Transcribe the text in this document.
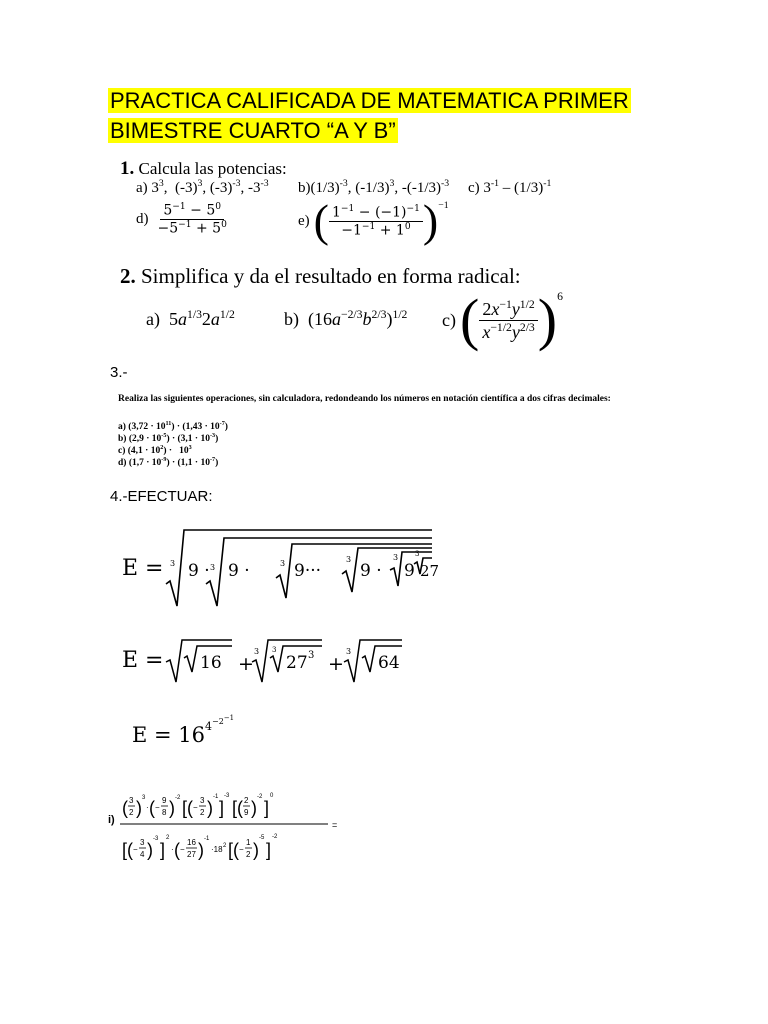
PRACTICA CALIFICADA DE MATEMATICA PRIMER
BIMESTRE CUARTO “A Y B”
1. Calcula las potencias:
a) $3^3$,  $(-3)^3$, $(-3)^{-3}$, $-3^{-3}$ $b)(1/3)^{-3}$, $(-1/3)^3$, $-(-1/3)^{-3}$ c) $3^{-1} - (1/3)^{-1}$
$d) \frac{5^{-1} - 5^0}{-5^{-1} + 5^0}$	e) ( $\frac{1^{-1} - (-1)^{-1}}{-1^{-1} + 1^0} )^{-1}$
2. Simplifica y da el resultado en forma radical:
a)  $5a^{1/3}2a^{1/2}$	b)  $(16a^{-2/3}b^{2/3})^{1/2}$ c) ( $\frac{2x^{-1}y^{1/2}}{x^{-1/2}y^{2/3}} )^6$
3.-
Realiza las siguientes operaciones, sin calculadora, redondeando los números en notación científica a dos cifras decimales:
a) $(3,72 \cdot 10^{11}) \cdot (1,43 \cdot 10^{-7})$
b) $(2,9 \cdot 10^{-5}) \cdot (3,1 \cdot 10^{-3})$
c) $(4,1 \cdot 10^2) \cdot 10^3$
d) $(1,7 \cdot 10^{-9}) \cdot (1,1 \cdot 10^{-7})$
4.-EFECTUAR:
E = 3 9 · 3 9 ·	3 9···
3
9 ·
3
9
3
27
E = 16 +
3 3
27 3 +
3
64
$E = 16^{4^{-2^{-1}}}$
i)
( 3
2 ) 3
· ( −
9
8 ) -2 [ ( −
3
2 )
-1
]
-3
[ ( 2
9 )
-2
]
0
=
[ ( −
3
4 )
-3
]
2
· ( −
16
27 )
-1
·18 2 [ ( −
1
2 )
-5
]
-2
